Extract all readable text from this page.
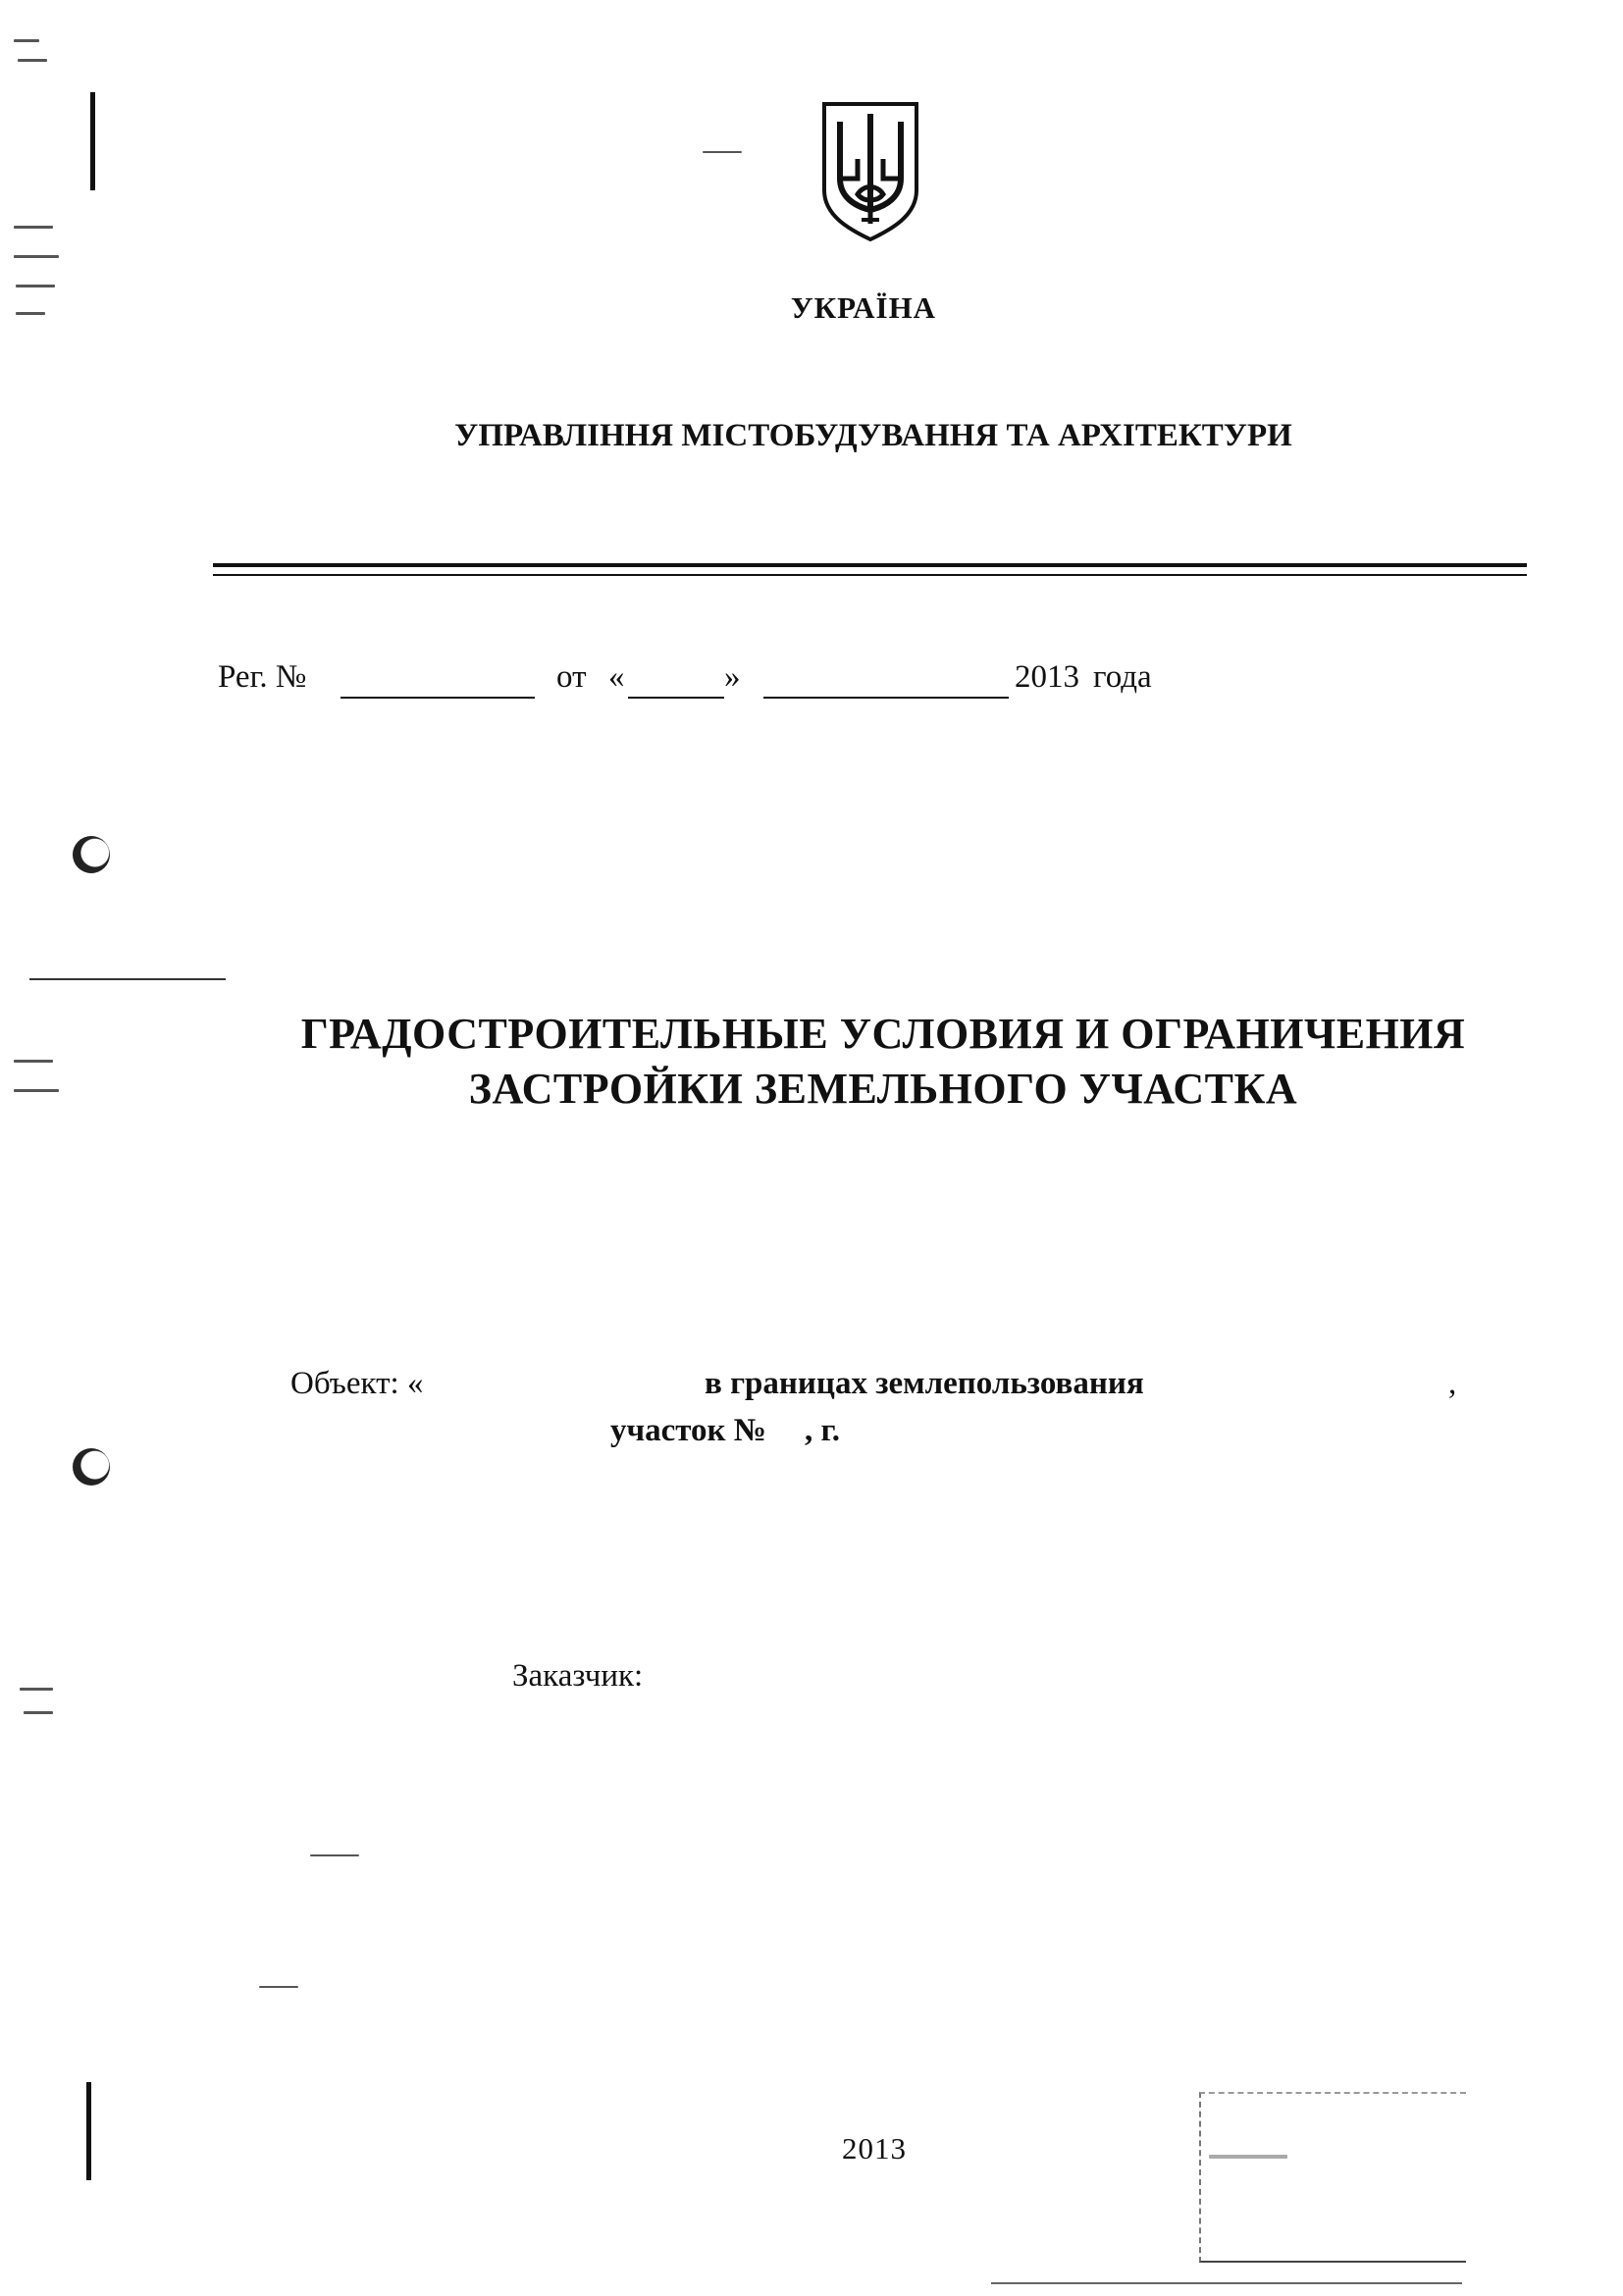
УКРАЇНА
УПРАВЛІННЯ МІСТОБУДУВАННЯ ТА АРХІТЕКТУРИ
Рег. №	от «	»	2013 года
ГРАДОСТРОИТЕЛЬНЫЕ УСЛОВИЯ И ОГРАНИЧЕНИЯ
ЗАСТРОЙКИ ЗЕМЕЛЬНОГО УЧАСТКА
Объект: «	в границах землепользования	,
участок № , г.
Заказчик:
2013
